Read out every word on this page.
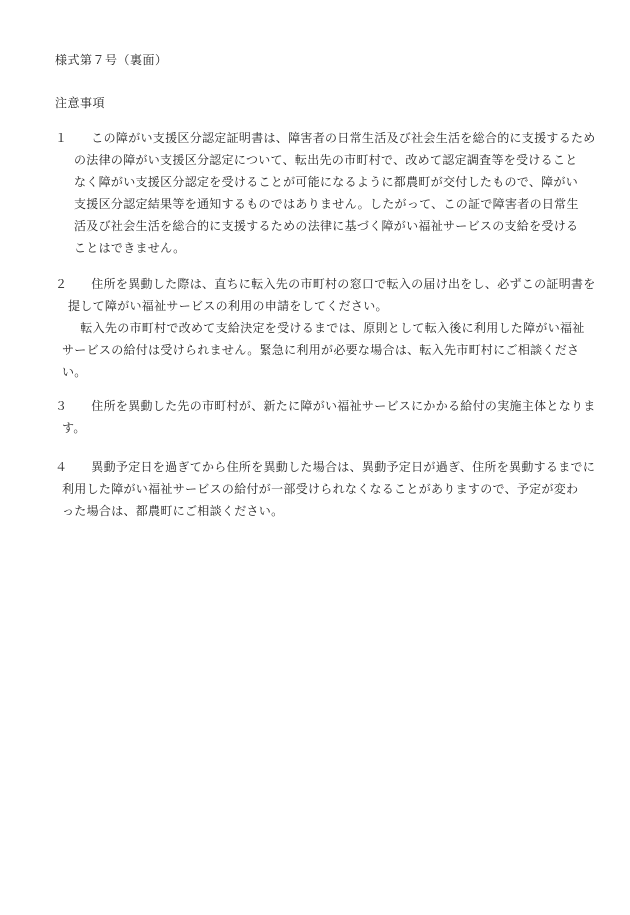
様式第７号（裏面）
注意事項
１　この障がい支援区分認定証明書は、障害者の日常生活及び社会生活を総合的に支援するため
の法律の障がい支援区分認定について、転出先の市町村で、改めて認定調査等を受けること
なく障がい支援区分認定を受けることが可能になるように都農町が交付したもので、障がい
支援区分認定結果等を通知するものではありません。したがって、この証で障害者の日常生
活及び社会生活を総合的に支援するための法律に基づく障がい福祉サービスの支給を受ける
ことはできません。
２　住所を異動した際は、直ちに転入先の市町村の窓口で転入の届け出をし、必ずこの証明書を
提して障がい福祉サービスの利用の申請をしてください。
　転入先の市町村で改めて支給決定を受けるまでは、原則として転入後に利用した障がい福祉
サービスの給付は受けられません。緊急に利用が必要な場合は、転入先市町村にご相談くださ
い。
３　住所を異動した先の市町村が、新たに障がい福祉サービスにかかる給付の実施主体となりま
す。
４　異動予定日を過ぎてから住所を異動した場合は、異動予定日が過ぎ、住所を異動するまでに
利用した障がい福祉サービスの給付が一部受けられなくなることがありますので、予定が変わ
った場合は、都農町にご相談ください。
